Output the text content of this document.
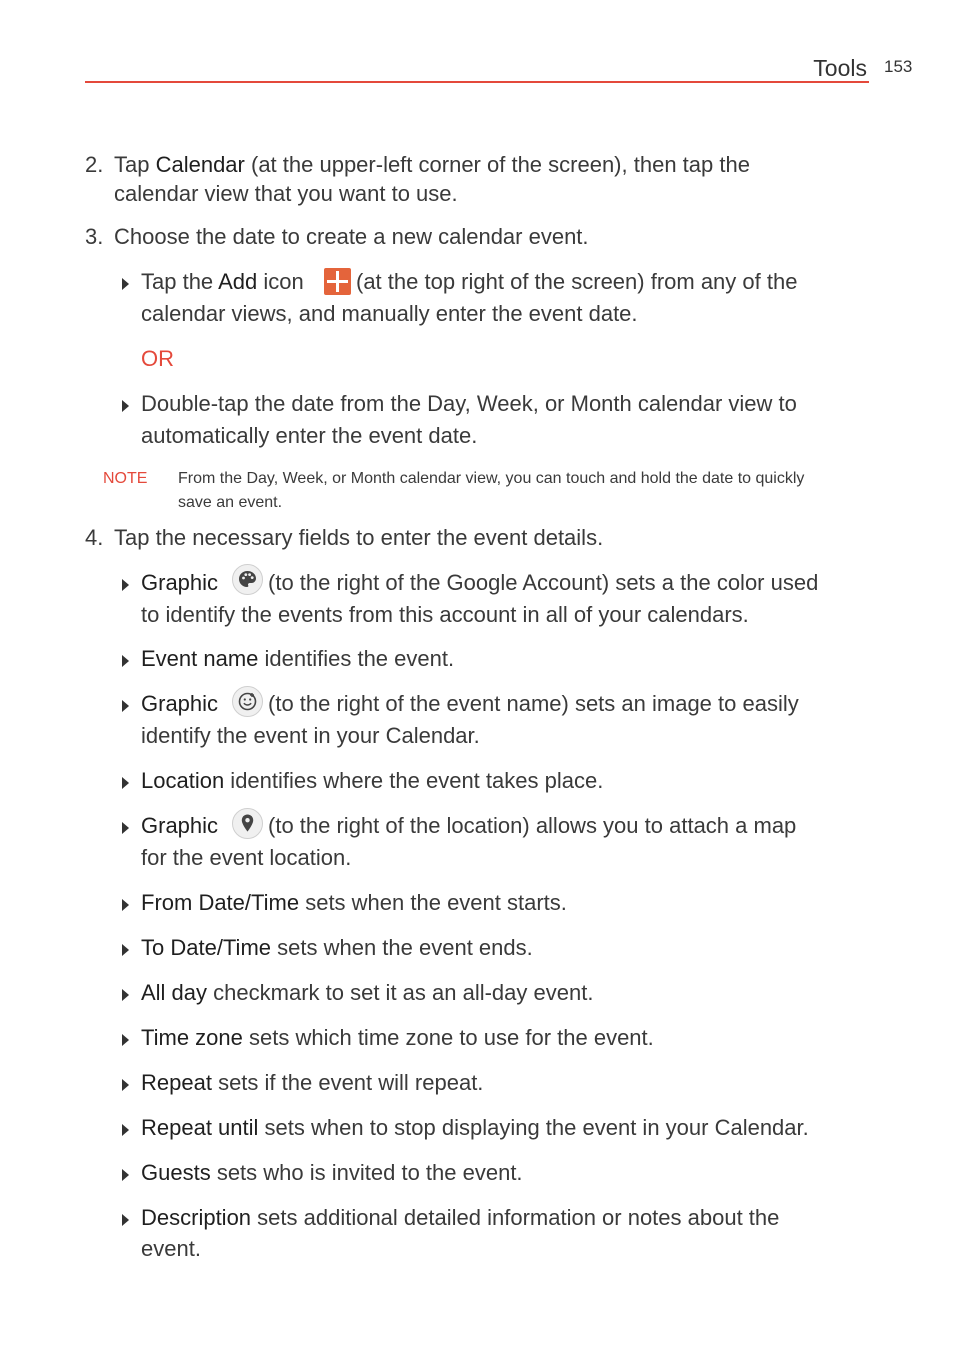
Tools 153
2. Tap Calendar (at the upper-left corner of the screen), then tap the
calendar view that you want to use.
3. Choose the date to create a new calendar event.
Tap the Add icon (at the top right of the screen) from any of the
calendar views, and manually enter the event date.
OR
Double-tap the date from the Day, Week, or Month calendar view to
automatically enter the event date.
NOTE From the Day, Week, or Month calendar view, you can touch and hold the date to quickly
save an event.
4. Tap the necessary fields to enter the event details.
Graphic (to the right of the Google Account) sets a the color used
to identify the events from this account in all of your calendars.
Event name identifies the event.
Graphic (to the right of the event name) sets an image to easily
identify the event in your Calendar.
Location identifies where the event takes place.
Graphic (to the right of the location) allows you to attach a map
for the event location.
From Date/Time sets when the event starts.
To Date/Time sets when the event ends.
All day checkmark to set it as an all-day event.
Time zone sets which time zone to use for the event.
Repeat sets if the event will repeat.
Repeat until sets when to stop displaying the event in your Calendar.
Guests sets who is invited to the event.
Description sets additional detailed information or notes about the
event.
